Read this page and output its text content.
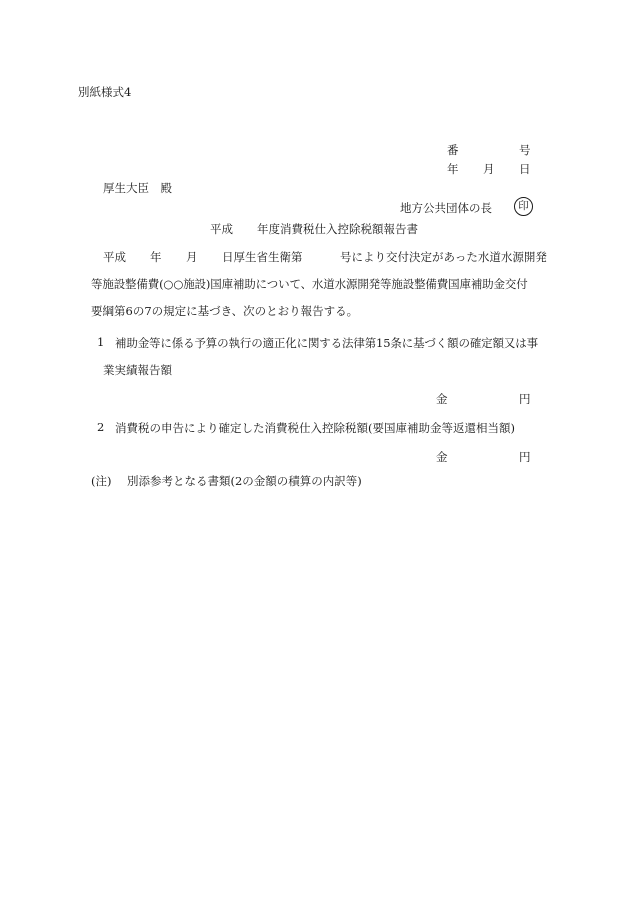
別紙様式4
番	号
年 月 日
厚生大臣　殿
地方公共団体の長	印
平成 年度消費税仕入控除税額報告書
平成 年 月 日厚生省生衛第	号により交付決定があった水道水源開発
等施設整備費(○○施設)国庫補助について、水道水源開発等施設整備費国庫補助金交付
要綱第6の7の規定に基づき、次のとおり報告する。
1 補助金等に係る予算の執行の適正化に関する法律第15条に基づく額の確定額又は事
業実績報告額
金	円
2 消費税の申告により確定した消費税仕入控除税額(要国庫補助金等返還相当額)
金	円
(注) 別添参考となる書類(2の金額の積算の内訳等)
